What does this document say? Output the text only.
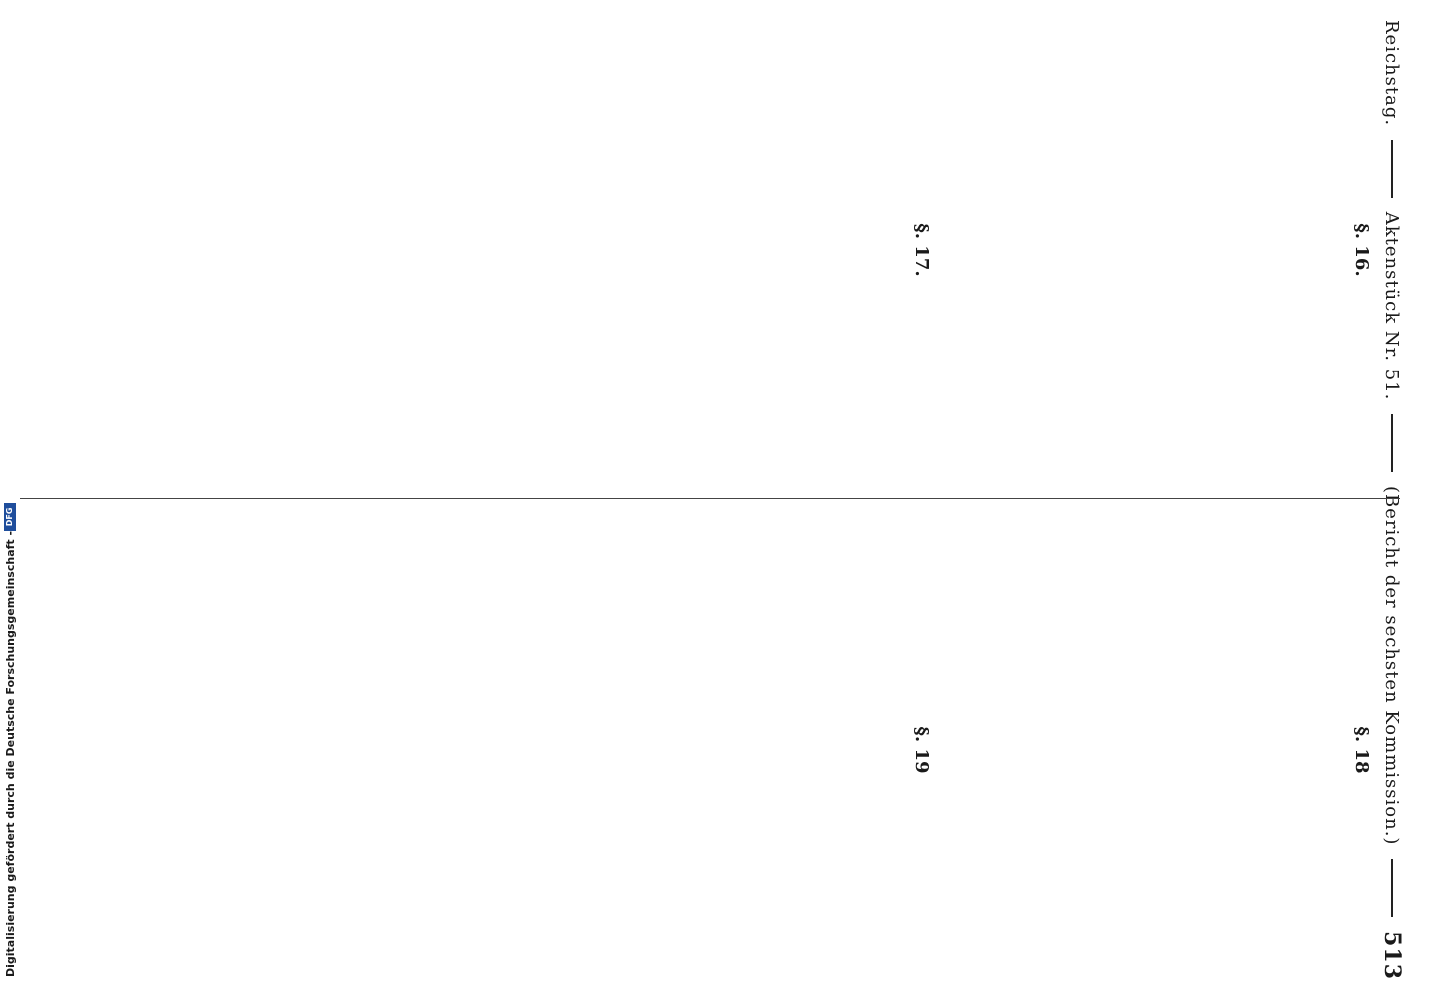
Reichstag.
Aktenstück Nr. 51.
(Bericht der sechsten Kommission.)
513
§. 16.
§. 17.
§. 18
§. 19
Digitalisierung gefördert durch die Deutsche Forschungsgemeinschaft -
DFG
